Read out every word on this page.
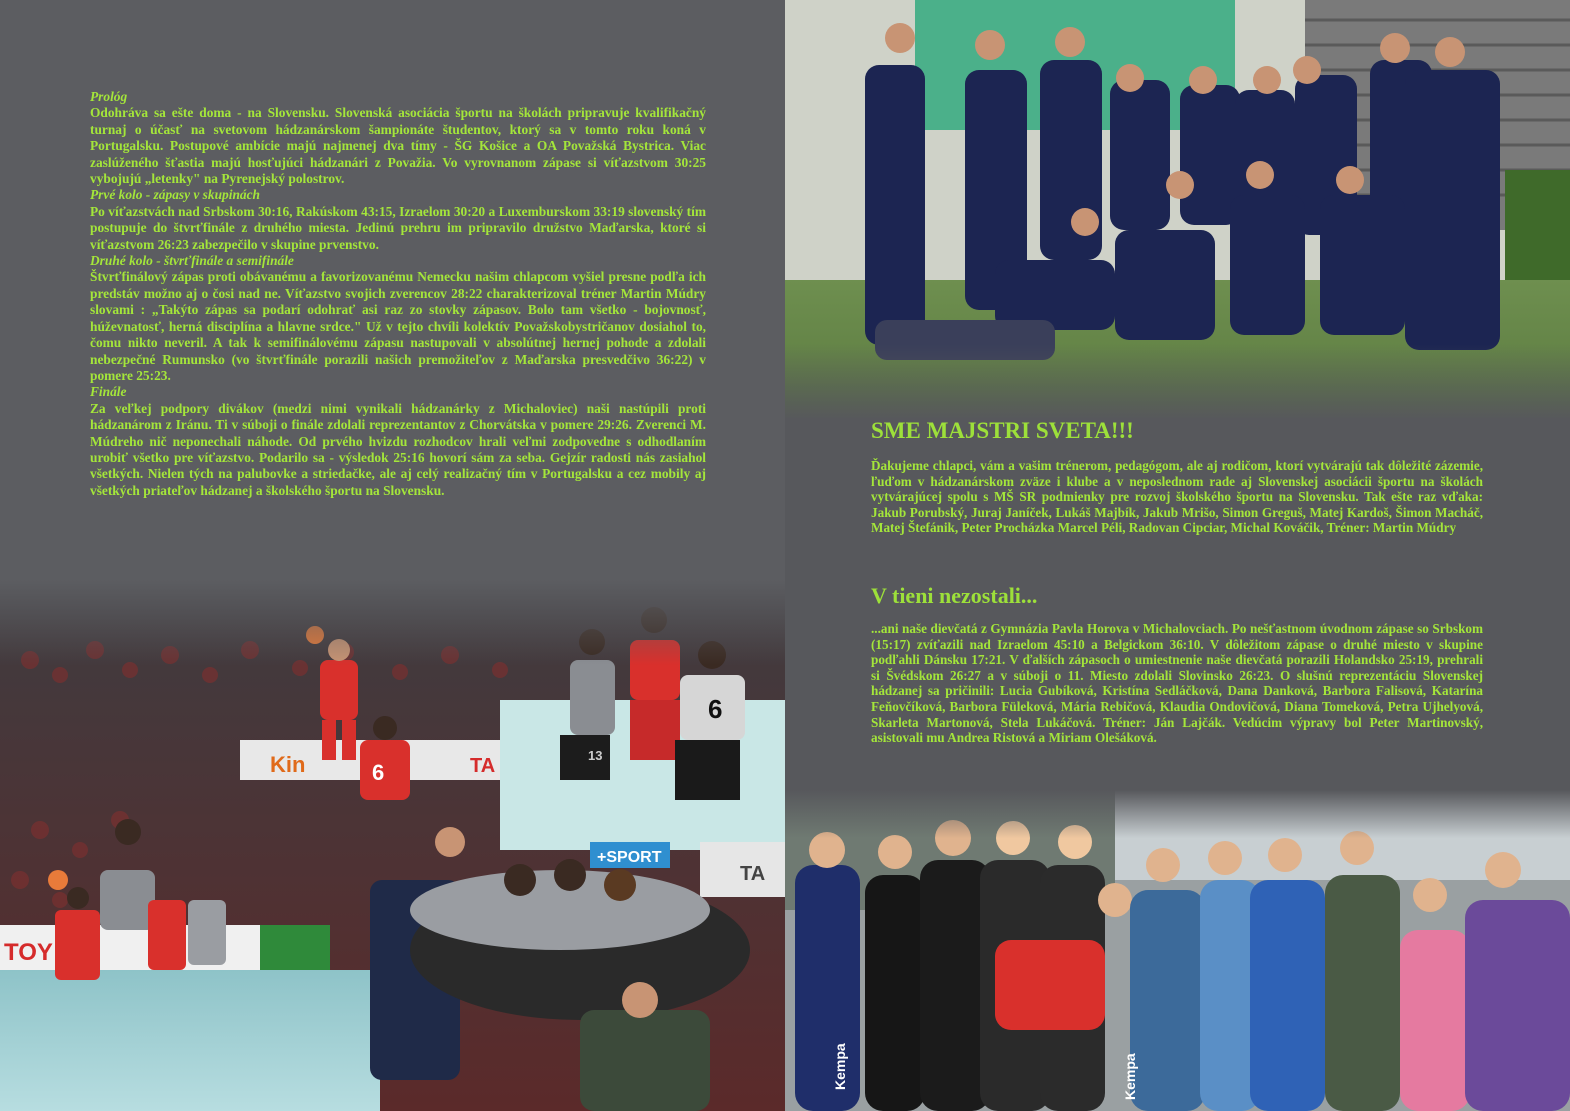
Prológ
Odohráva sa ešte doma - na Slovensku. Slovenská asociácia športu na školách pripravuje kvalifikačný turnaj o účasť na svetovom hádzanárskom šampionáte študentov, ktorý sa v tomto roku koná v Portugalsku. Postupové ambície majú najmenej dva tímy - ŠG Košice a OA Považská Bystrica. Viac zaslúženého šťastia majú hosťujúci hádzanári z Považia. Vo vyrovnanom zápase si víťazstvom 30:25 vybojujú „letenky" na Pyrenejský polostrov.

Prvé kolo - zápasy v skupinách
Po víťazstvách nad Srbskom 30:16, Rakúskom 43:15, Izraelom 30:20 a Luxemburskom 33:19 slovenský tím postupuje do štvrťfinále z druhého miesta. Jedinú prehru im pripravilo družstvo Maďarska, ktoré si víťazstvom 26:23 zabezpečilo v skupine prvenstvo.

Druhé kolo - štvrťfinále a semifinále
Štvrťfinálový zápas proti obávanému a favorizovanému Nemecku našim chlapcom vyšiel presne podľa ich predstáv možno aj o čosi nad ne. Víťazstvo svojich zverencov 28:22 charakterizoval tréner Martin Múdry slovami : „Takýto zápas sa podarí odohrať asi raz zo stovky zápasov. Bolo tam všetko - bojovnosť, húževnatosť, herná disciplína a hlavne srdce." Už v tejto chvíli kolektív Považskobystričanov dosiahol to, čomu nikto neveril. A tak k semifinálovému zápasu nastupovali v absolútnej hernej pohode a zdolali nebezpečné Rumunsko (vo štvrťfinále porazili našich premožiteľov z Maďarska presvedčivo 36:22) v pomere 25:23.

Finále
Za veľkej podpory divákov (medzi nimi vynikali hádzanárky z Michaloviec) naši nastúpili proti hádzanárom z Iránu. Ti v súboji o finále zdolali reprezentantov z Chorvátska v pomere 29:26. Zverenci M. Múdreho nič neponechali náhode. Od prvého hvizdu rozhodcov hrali veľmi zodpovedne s odhodlaním urobiť všetko pre víťazstvo. Podarilo sa - výsledok 25:16 hovorí sám za seba. Gejzír radosti nás zasiahol všetkých. Nielen tých na palubovke a striedačke, ale aj celý realizačný tím v Portugalsku a cez mobily aj všetkých priateľov hádzanej a školského športu na Slovensku.

SME MAJSTRI SVETA!!!

Ďakujeme chlapci, vám a vašim trénerom, pedagógom, ale aj rodičom, ktorí vytvárajú tak dôležité zázemie, ľuďom v hádzanárskom zväze i klube a v neposlednom rade aj Slovenskej asociácii športu na školách vytvárajúcej spolu s MŠ SR podmienky pre rozvoj školského športu na Slovensku. Tak ešte raz vďaka: Jakub Porubský, Juraj Janíček, Lukáš Majbík, Jakub Mrišo, Simon Greguš, Matej Kardoš, Šimon Macháč, Matej Štefánik, Peter Procházka Marcel Péli, Radovan Cipciar, Michal Kováčik, Tréner: Martin Múdry

V tieni nezostali...

...ani naše dievčatá z Gymnázia Pavla Horova v Michalovciach. Po nešťastnom úvodnom zápase so Srbskom (15:17) zvíťazili nad Izraelom 45:10 a Belgickom 36:10. V dôležitom zápase o druhé miesto v skupine podľahli Dánsku 17:21. V ďalších zápasoch o umiestnenie naše dievčatá porazili Holandsko 25:19, prehrali si Švédskom 26:27 a v súboji o 11. Miesto zdolali Slovinsko 26:23. O slušnú reprezentáciu Slovenskej hádzanej sa pričinili: Lucia Gubíková, Kristína Sedláčková, Dana Danková, Barbora Falisová, Katarína Feňovčíková, Barbora Füleková, Mária Rebičová, Klaudia Ondovičová, Diana Tomeková, Petra Ujhelyová, Skarleta Martonová, Stela Lukáčová. Tréner: Ján Lajčák. Vedúcim výpravy bol Peter Martinovský, asistovali mu Andrea Ristová a Miriam Olešáková.
